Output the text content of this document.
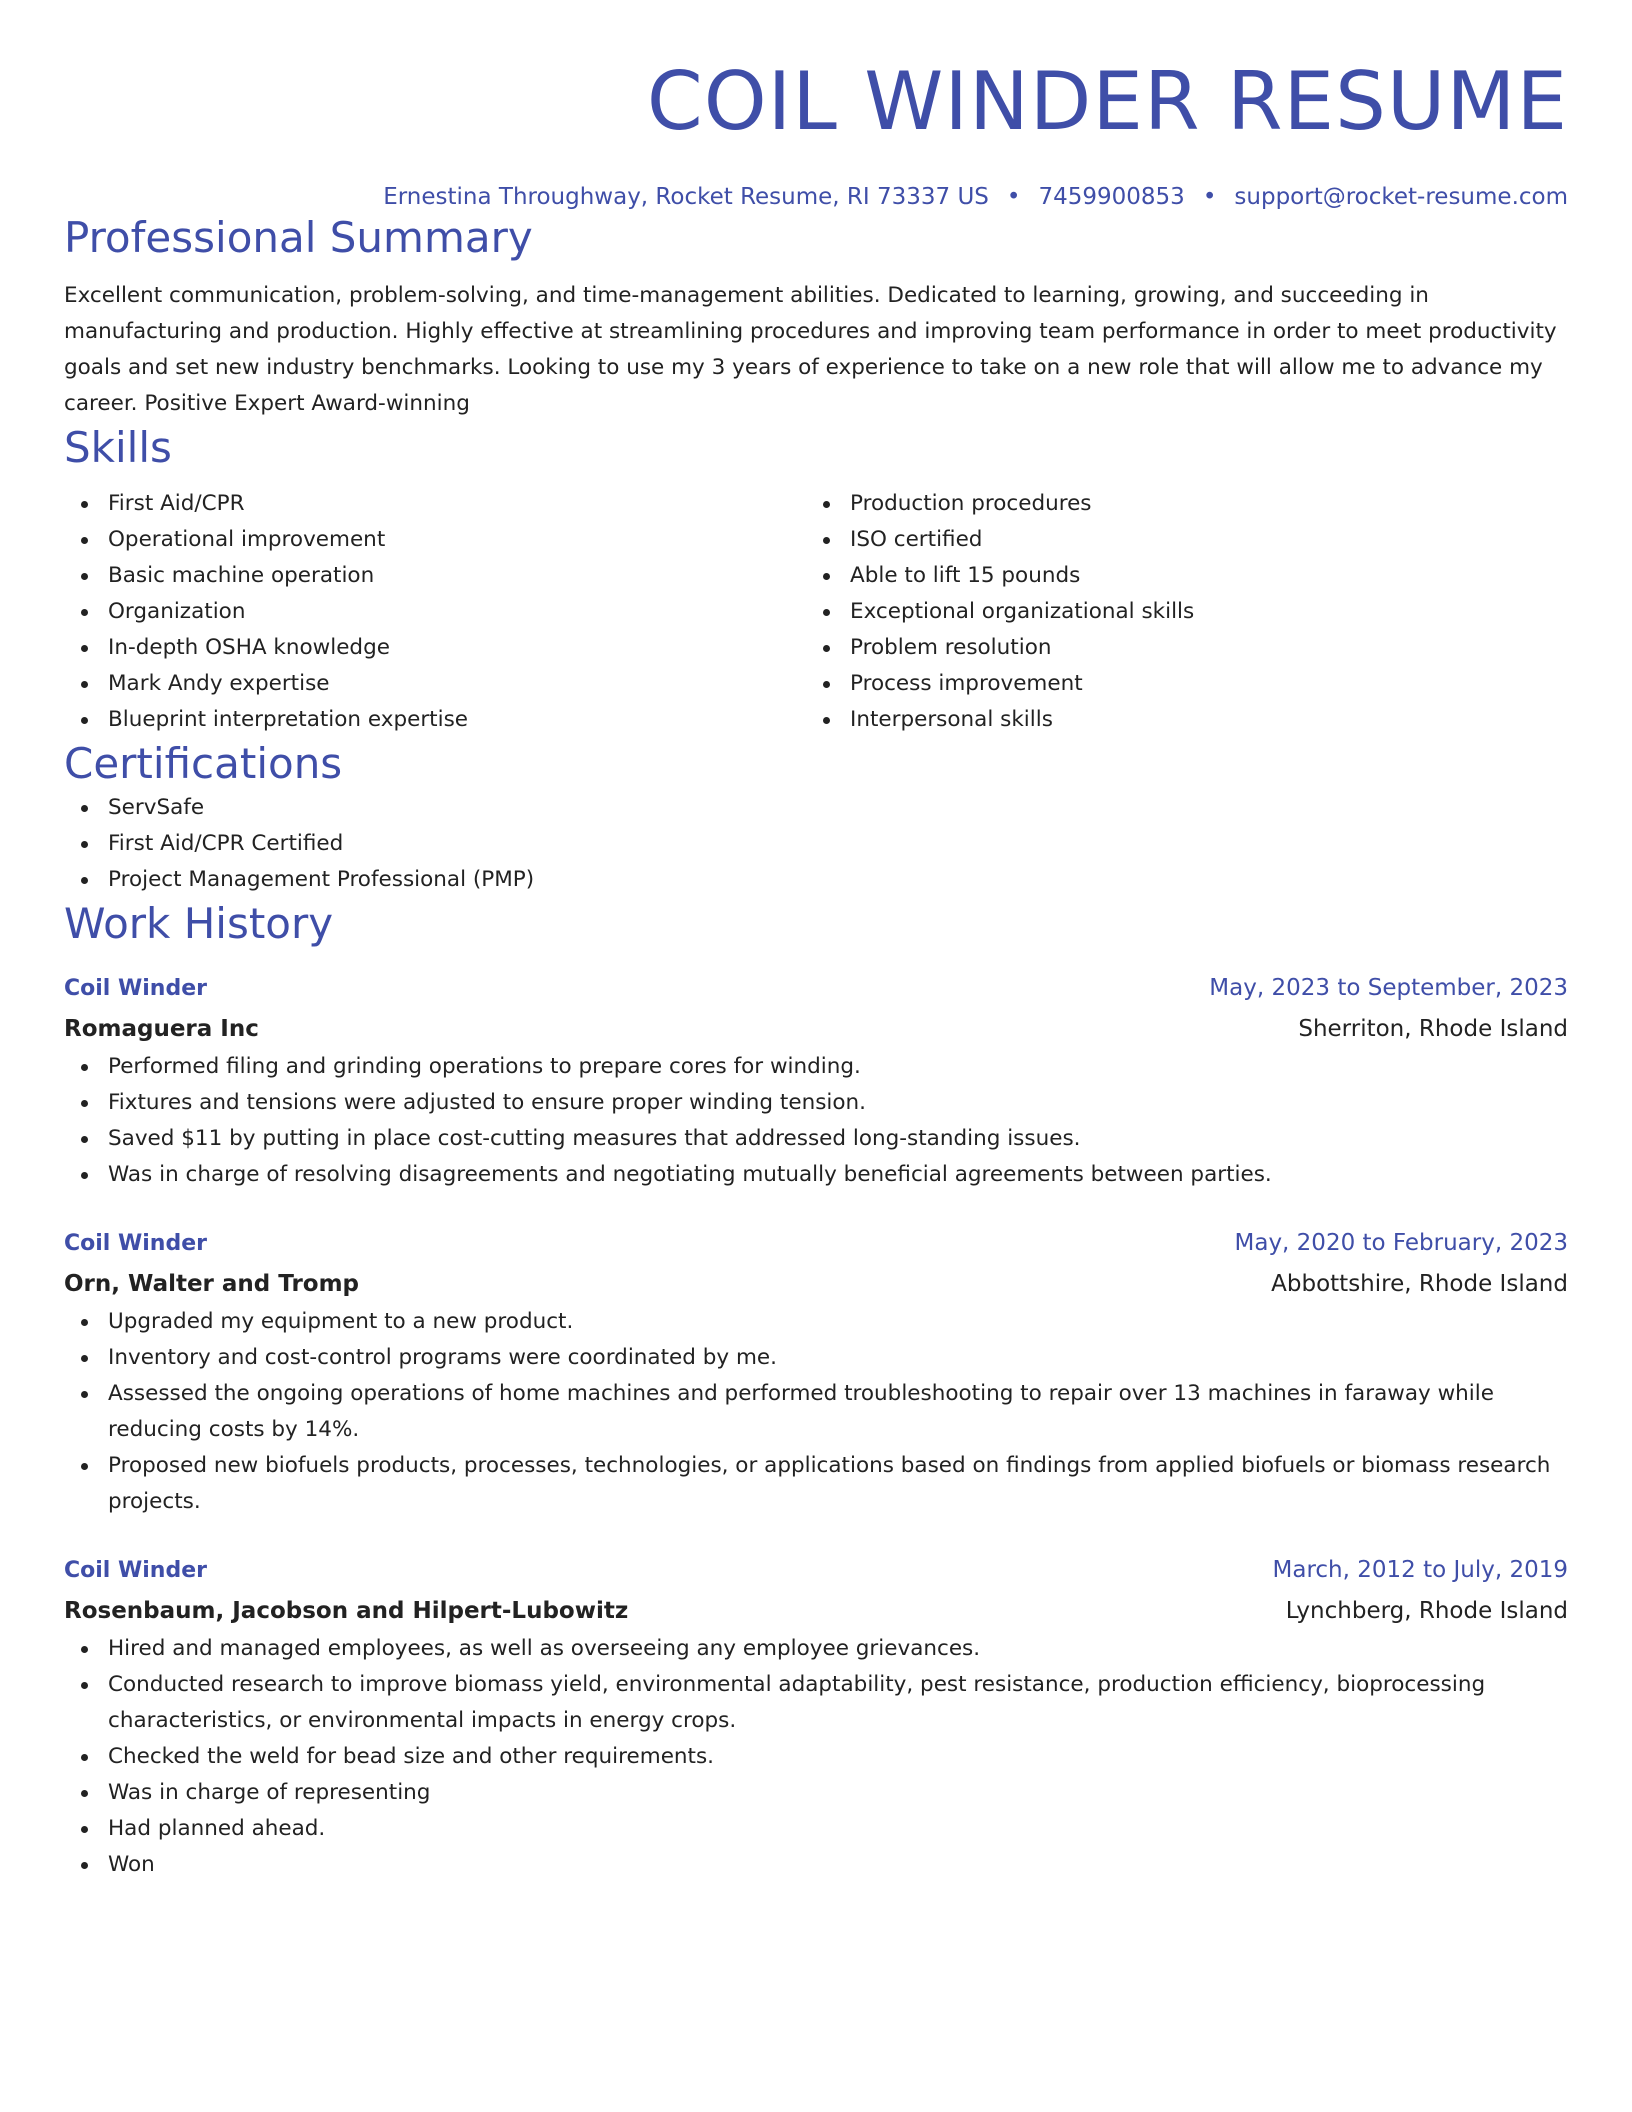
COIL WINDER RESUME
Ernestina Throughway, Rocket Resume, RI 73337 US • 7459900853 • support@rocket-resume.com
Professional Summary

Excellent communication, problem-solving, and time-management abilities. Dedicated to learning, growing, and succeeding in manufacturing and production. Highly effective at streamlining procedures and improving team performance in order to meet productivity goals and set new industry benchmarks. Looking to use my 3 years of experience to take on a new role that will allow me to advance my career. Positive Expert Award-winning

Skills
First Aid/CPR
Operational improvement
Basic machine operation
Organization
In-depth OSHA knowledge
Mark Andy expertise
Blueprint interpretation expertise
Production procedures
ISO certified
Able to lift 15 pounds
Exceptional organizational skills
Problem resolution
Process improvement
Interpersonal skills
Certifications
ServSafe
First Aid/CPR Certified
Project Management Professional (PMP)
Work History
Coil Winder	May, 2023 to September, 2023
Romaguera Inc	Sherriton, Rhode Island
Performed filing and grinding operations to prepare cores for winding.
Fixtures and tensions were adjusted to ensure proper winding tension.
Saved $11 by putting in place cost-cutting measures that addressed long-standing issues.
Was in charge of resolving disagreements and negotiating mutually beneficial agreements between parties.
Coil Winder	May, 2020 to February, 2023
Orn, Walter and Tromp	Abbottshire, Rhode Island
Upgraded my equipment to a new product.
Inventory and cost-control programs were coordinated by me.
Assessed the ongoing operations of home machines and performed troubleshooting to repair over 13 machines in faraway while reducing costs by 14%.
Proposed new biofuels products, processes, technologies, or applications based on findings from applied biofuels or biomass research projects.
Coil Winder	March, 2012 to July, 2019
Rosenbaum, Jacobson and Hilpert-Lubowitz	Lynchberg, Rhode Island
Hired and managed employees, as well as overseeing any employee grievances.
Conducted research to improve biomass yield, environmental adaptability, pest resistance, production efficiency, bioprocessing characteristics, or environmental impacts in energy crops.
Checked the weld for bead size and other requirements.
Was in charge of representing
Had planned ahead.
Won
